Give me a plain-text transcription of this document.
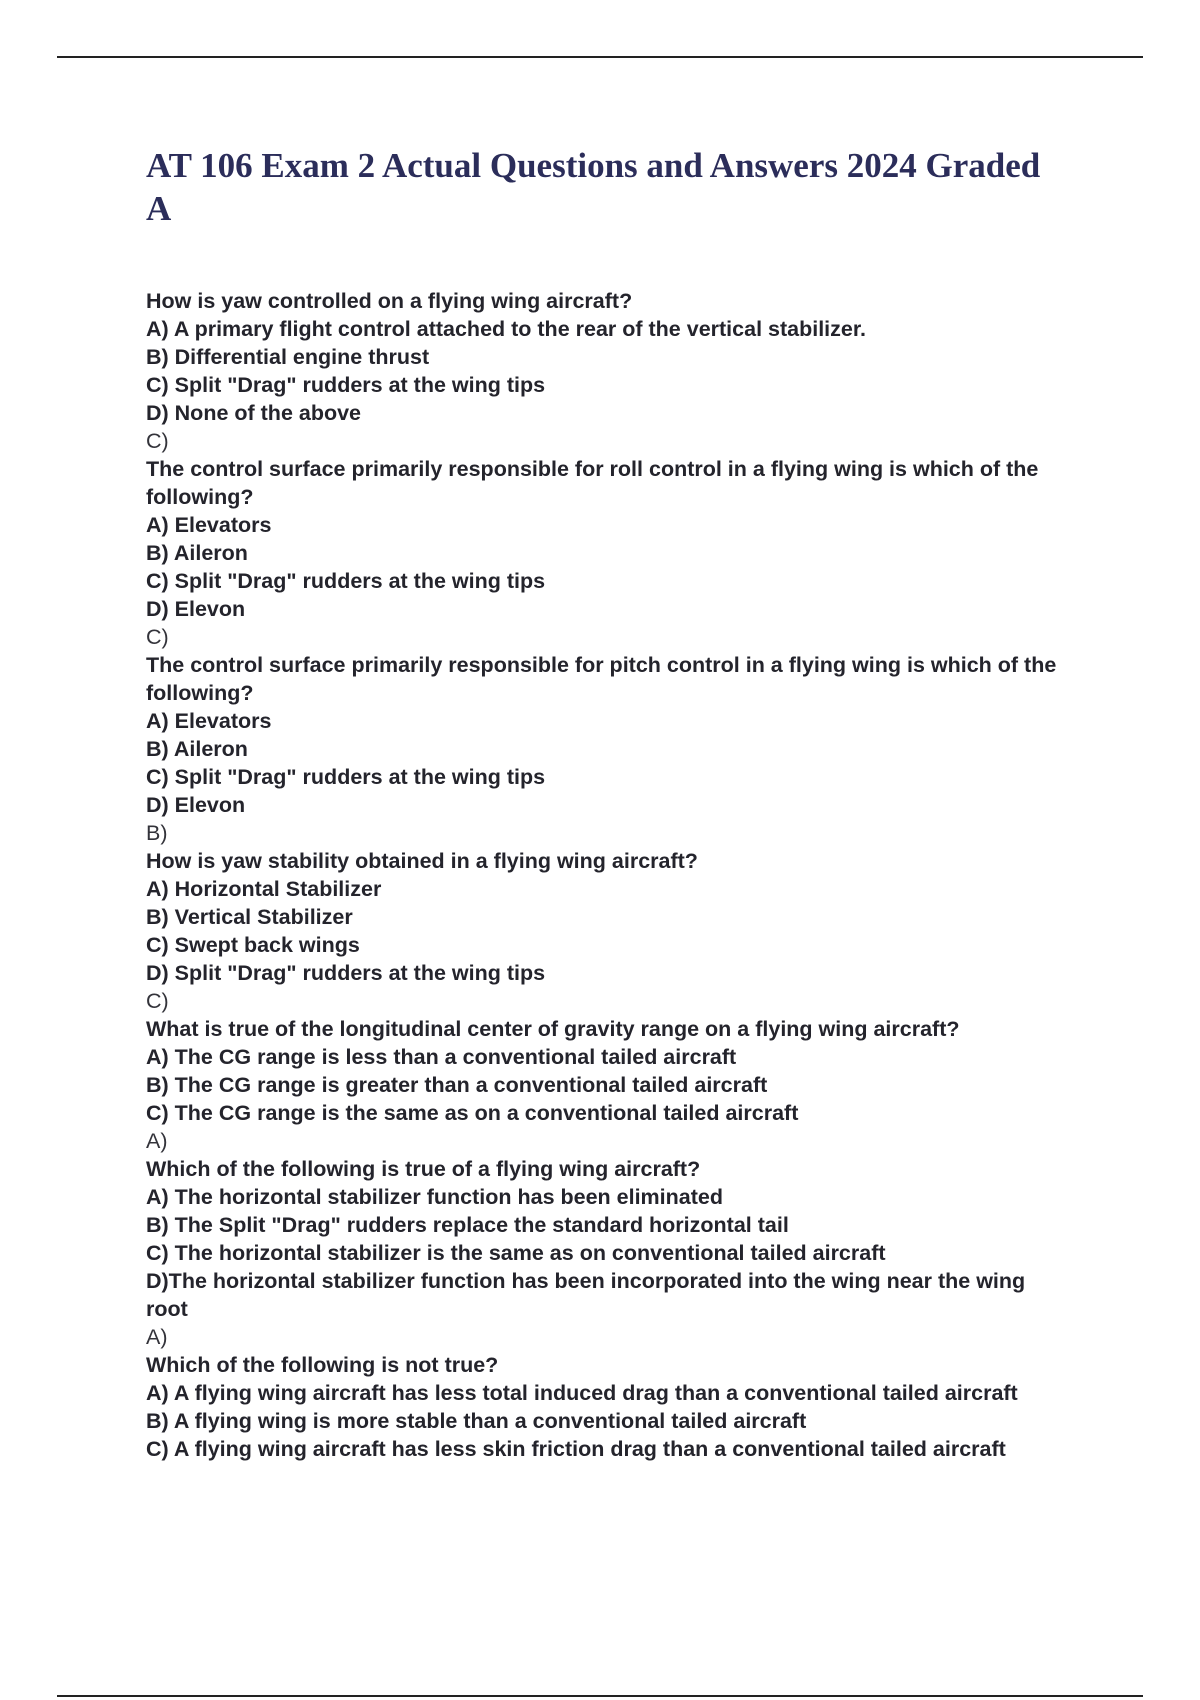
AT 106 Exam 2 Actual Questions and Answers 2024 Graded A
How is yaw controlled on a flying wing aircraft?
A) A primary flight control attached to the rear of the vertical stabilizer.
B) Differential engine thrust
C) Split "Drag" rudders at the wing tips
D) None of the above
C)
The control surface primarily responsible for roll control in a flying wing is which of the following?
A) Elevators
B) Aileron
C) Split "Drag" rudders at the wing tips
D) Elevon
C)
The control surface primarily responsible for pitch control in a flying wing is which of the following?
A) Elevators
B) Aileron
C) Split "Drag" rudders at the wing tips
D) Elevon
B)
How is yaw stability obtained in a flying wing aircraft?
A) Horizontal Stabilizer
B) Vertical Stabilizer
C) Swept back wings
D) Split "Drag" rudders at the wing tips
C)
What is true of the longitudinal center of gravity range on a flying wing aircraft?
A) The CG range is less than a conventional tailed aircraft
B) The CG range is greater than a conventional tailed aircraft
C) The CG range is the same as on a conventional tailed aircraft
A)
Which of the following is true of a flying wing aircraft?
A) The horizontal stabilizer function has been eliminated
B) The Split "Drag" rudders replace the standard horizontal tail
C) The horizontal stabilizer is the same as on conventional tailed aircraft
D)The horizontal stabilizer function has been incorporated into the wing near the wing root
A)
Which of the following is not true?
A) A flying wing aircraft has less total induced drag than a conventional tailed aircraft
B) A flying wing is more stable than a conventional tailed aircraft
C) A flying wing aircraft has less skin friction drag than a conventional tailed aircraft
